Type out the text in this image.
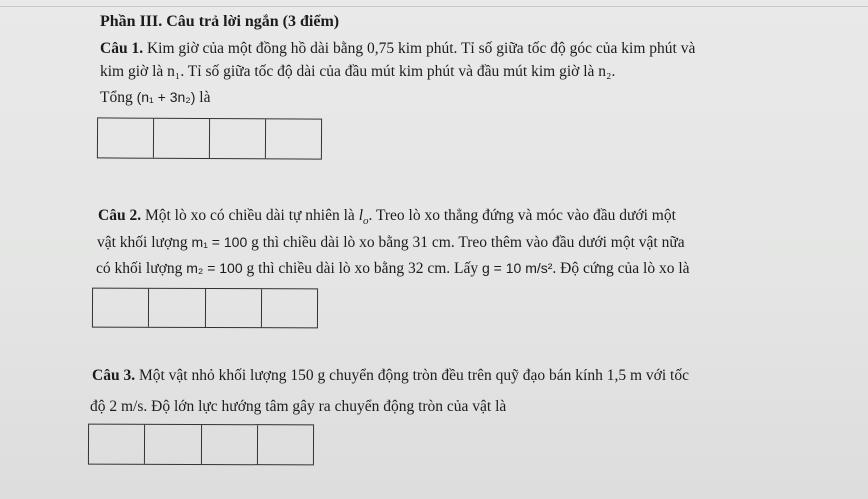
Phần III. Câu trả lời ngắn (3 điểm)
Câu 1. Kim giờ của một đồng hồ dài bằng 0,75 kim phút. Tỉ số giữa tốc độ góc của kim phút và
kim giờ là n₁. Tỉ số giữa tốc độ dài của đầu mút kim phút và đầu mút kim giờ là n₂.
Tổng (n₁ + 3n₂) là
Câu 2. Một lò xo có chiều dài tự nhiên là $l_o$. Treo lò xo thẳng đứng và móc vào đầu dưới một
vật khối lượng m₁ = 100 g thì chiều dài lò xo bằng 31 cm. Treo thêm vào đầu dưới một vật nữa
có khối lượng m₂ = 100 g thì chiều dài lò xo bằng 32 cm. Lấy g = 10 m/s². Độ cứng của lò xo là
Câu 3. Một vật nhỏ khối lượng 150 g chuyển động tròn đều trên quỹ đạo bán kính 1,5 m với tốc
độ 2 m/s. Độ lớn lực hướng tâm gây ra chuyển động tròn của vật là
